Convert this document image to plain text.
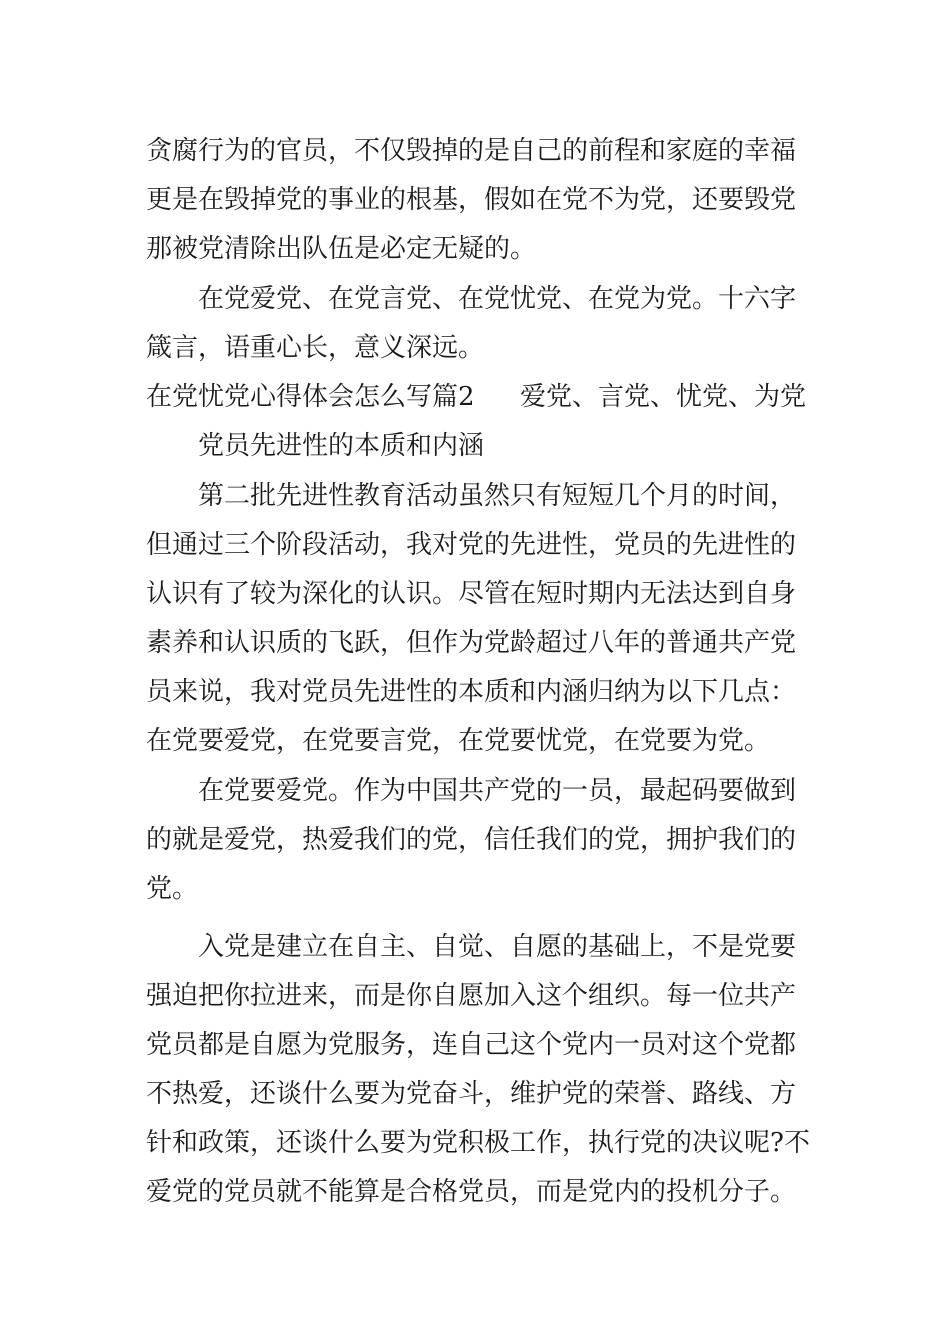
贪腐行为的官员，不仅毁掉的是自己的前程和家庭的幸福
更是在毁掉党的事业的根基，假如在党不为党，还要毁党
那被党清除出队伍是必定无疑的。
在党爱党、在党言党、在党忧党、在党为党。十六字
箴言，语重心长，意义深远。
在党忧党心得体会怎么写篇2 爱党、言党、忧党、为党
党员先进性的本质和内涵
第二批先进性教育活动虽然只有短短几个月的时间，
但通过三个阶段活动，我对党的先进性，党员的先进性的
认识有了较为深化的认识。尽管在短时期内无法达到自身
素养和认识质的飞跃，但作为党龄超过八年的普通共产党
员来说，我对党员先进性的本质和内涵归纳为以下几点：
在党要爱党，在党要言党，在党要忧党，在党要为党。
在党要爱党。作为中国共产党的一员，最起码要做到
的就是爱党，热爱我们的党，信任我们的党，拥护我们的
党。
入党是建立在自主、自觉、自愿的基础上，不是党要
强迫把你拉进来，而是你自愿加入这个组织。每一位共产
党员都是自愿为党服务，连自己这个党内一员对这个党都
不热爱，还谈什么要为党奋斗，维护党的荣誉、路线、方
针和政策，还谈什么要为党积极工作，执行党的决议呢?不
爱党的党员就不能算是合格党员，而是党内的投机分子。
